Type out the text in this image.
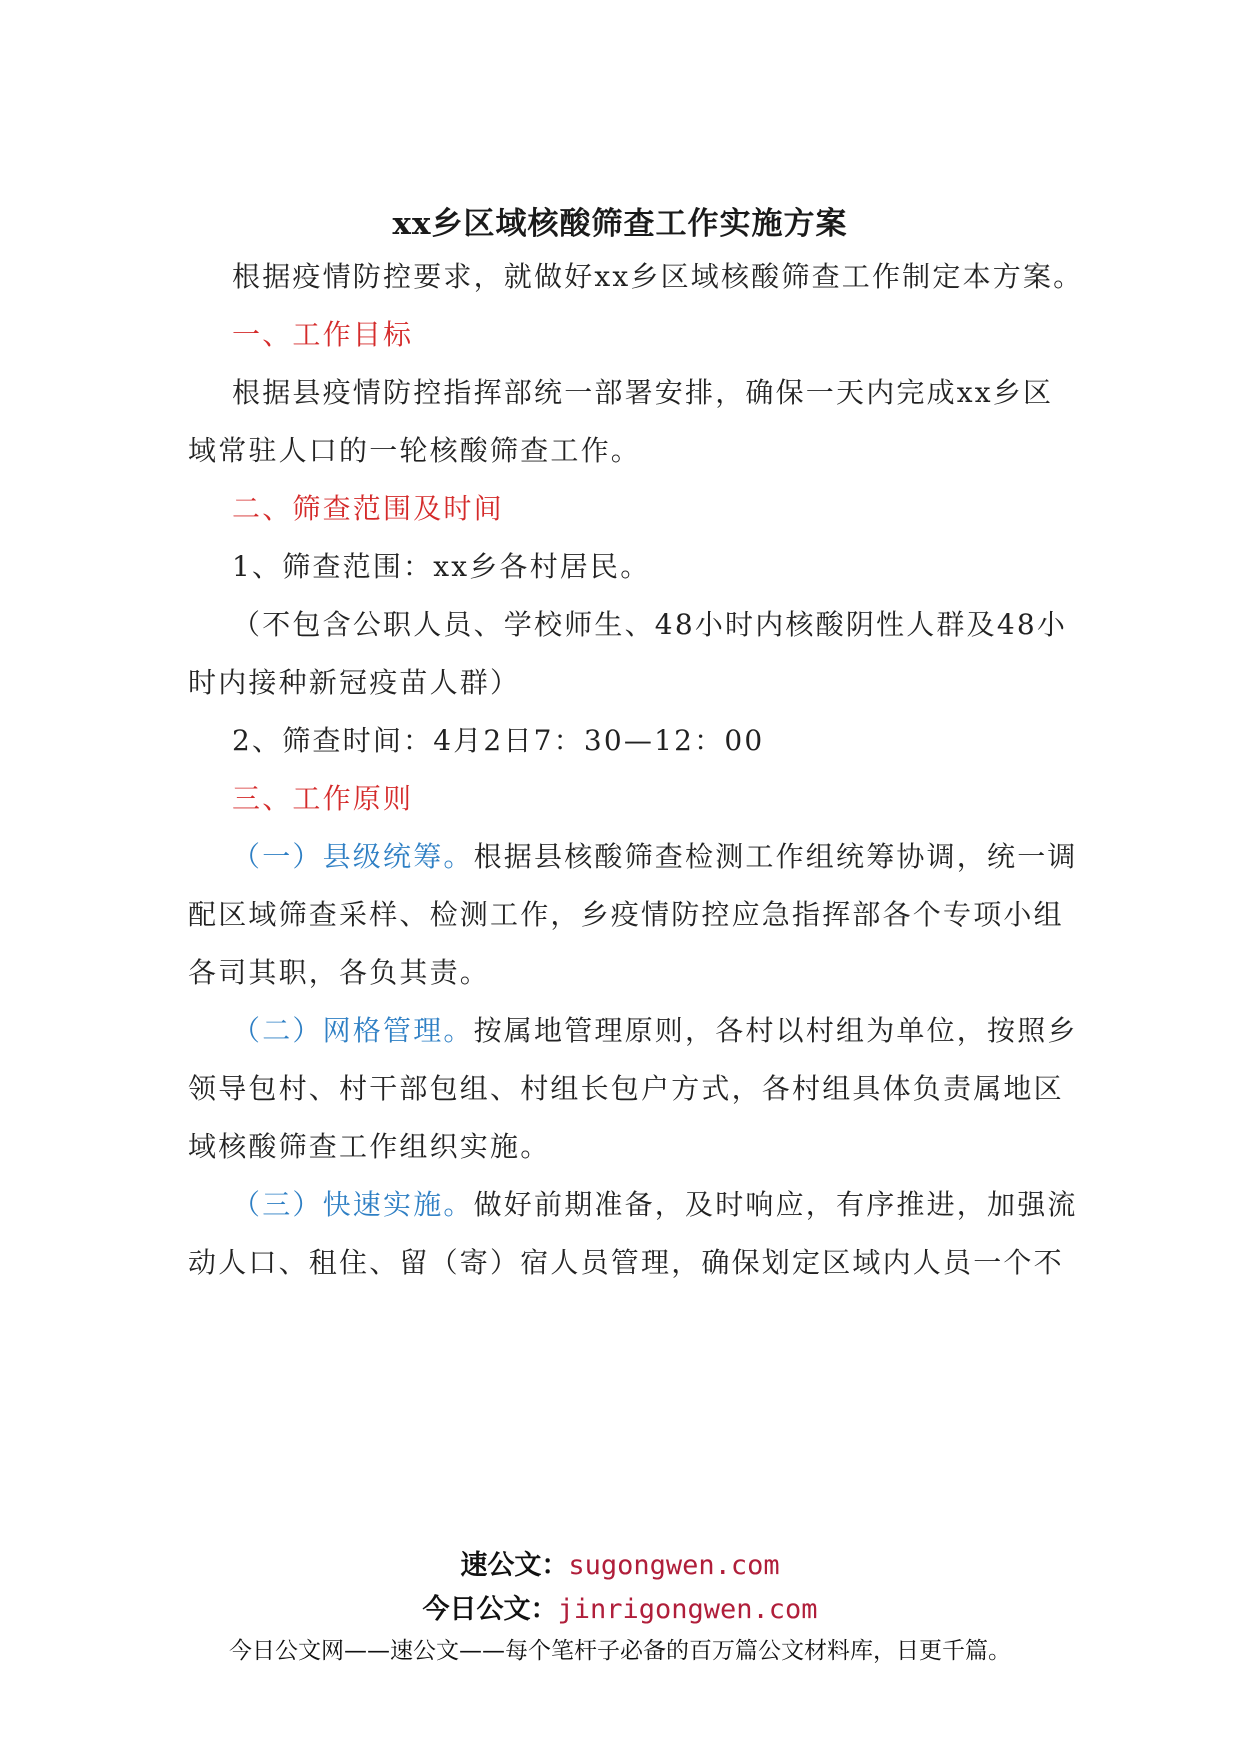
xx乡区域核酸筛查工作实施方案
根据疫情防控要求，就做好xx乡区域核酸筛查工作制定本方案。
一、工作目标
根据县疫情防控指挥部统一部署安排，确保一天内完成xx乡区
域常驻人口的一轮核酸筛查工作。
二、筛查范围及时间
1、筛查范围：xx乡各村居民。
（不包含公职人员、学校师生、48小时内核酸阴性人群及48小
时内接种新冠疫苗人群）
2、筛查时间：4月2日7：30—12：00
三、工作原则
（一）县级统筹。根据县核酸筛查检测工作组统筹协调，统一调
配区域筛查采样、检测工作，乡疫情防控应急指挥部各个专项小组
各司其职，各负其责。
（二）网格管理。按属地管理原则，各村以村组为单位，按照乡
领导包村、村干部包组、村组长包户方式，各村组具体负责属地区
域核酸筛查工作组织实施。
（三）快速实施。做好前期准备，及时响应，有序推进，加强流
动人口、租住、留（寄）宿人员管理，确保划定区域内人员一个不
速公文：sugongwen.com
今日公文：jinrigongwen.com
今日公文网——速公文——每个笔杆子必备的百万篇公文材料库，日更千篇。
